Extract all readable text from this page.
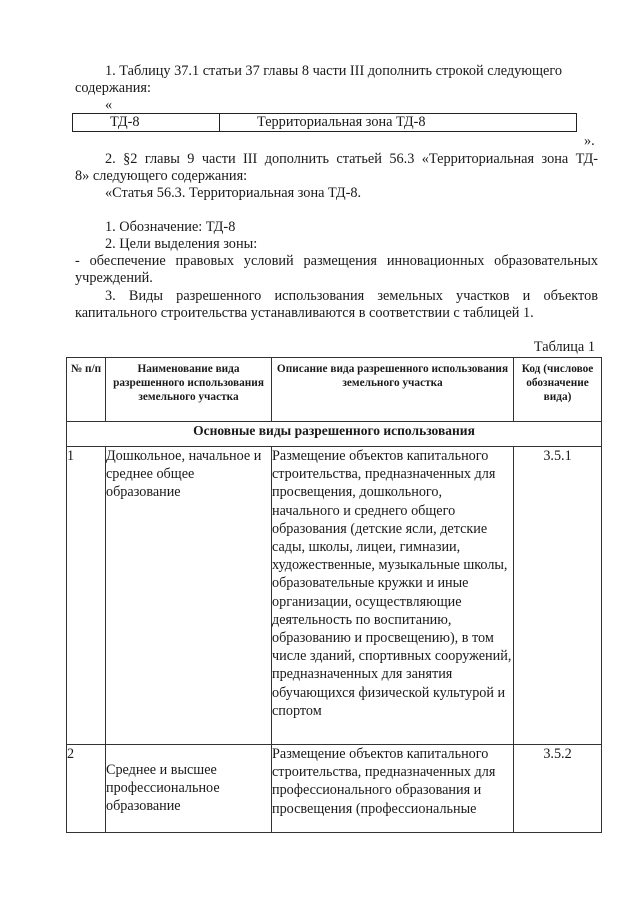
1. Таблицу 37.1 статьи 37 главы 8 части III дополнить строкой следующего
содержания:
«
ТД-8	Территориальная зона ТД-8
».
2. §2 главы 9 части III дополнить статьей 56.3 «Территориальная зона ТД-
8» следующего содержания:
«Статья 56.3. Территориальная зона ТД-8.
1. Обозначение: ТД-8
2. Цели выделения зоны:
- обеспечение правовых условий размещения инновационных образовательных
учреждений.
3. Виды разрешенного использования земельных участков и объектов
капитального строительства устанавливаются в соответствии с таблицей 1.
Таблица 1
№ п/п	Наименование вида разрешенного использования земельного участка	Описание вида разрешенного использования земельного участка	Код (числовое обозначение вида)
Основные виды разрешенного использования			
1	Дошкольное, начальное и среднее общее образование	Размещение объектов капитального строительства, предназначенных для просвещения, дошкольного, начального и среднего общего образования (детские ясли, детские сады, школы, лицеи, гимназии, художественные, музыкальные школы, образовательные кружки и иные организации, осуществляющие деятельность по воспитанию, образованию и просвещению), в том числе зданий, спортивных сооружений, предназначенных для занятия обучающихся физической культурой и спортом	3.5.1
2	Среднее и высшее профессиональное образование	Размещение объектов капитального строительства, предназначенных для профессионального образования и просвещения (профессиональные	3.5.2
